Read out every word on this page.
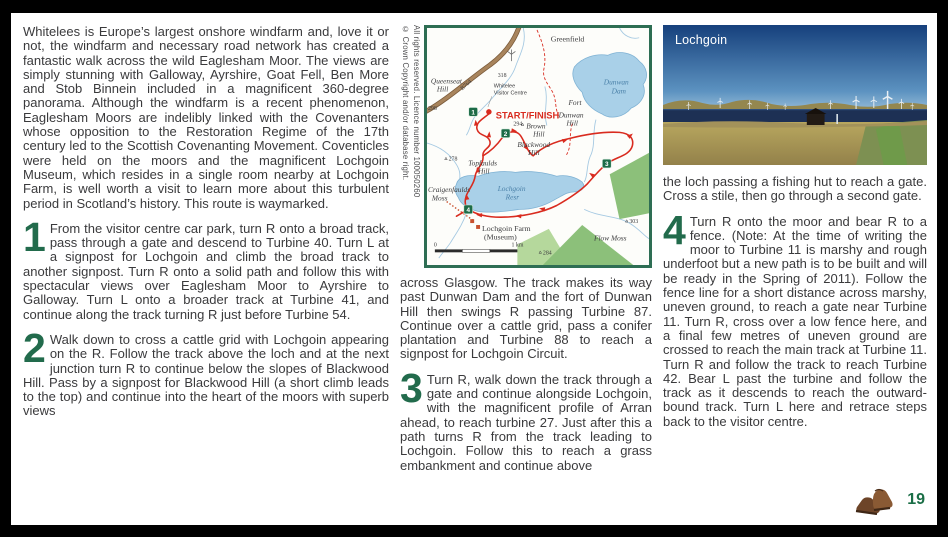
Whitelees is Europe’s largest onshore windfarm and, love it or not, the windfarm and necessary road network has created a fantastic walk across the wild Eaglesham Moor. The views are simply stunning with Galloway, Ayrshire, Goat Fell, Ben More and Stob Binnein included in a magnificent 360-degree panorama. Although the windfarm is a recent phenomenon, Eaglesham Moors are indelibly linked with the Covenanters whose opposition to the Restoration Regime of the 17th century led to the Scottish Covenanting Movement. Coventicles were held on the moors and the magnificent Lochgoin Museum, which resides in a single room nearby at Lochgoin Farm, is well worth a visit to learn more about this turbulent period in Scotland’s history. This route is waymarked.

1 From the visitor centre car park, turn R onto a broad track, pass through a gate and descend to Turbine 40. Turn L at a signpost for Lochgoin and climb the broad track to another signpost. Turn R onto a solid path and follow this with spectacular views over Eaglesham Moor to Ayrshire to Galloway. Turn L onto a broader track at Turbine 41, and continue along the track turning R just before Turbine 54.

2 Walk down to cross a cattle grid with Lochgoin appearing on the R. Follow the track above the loch and at the next junction turn R to continue below the slopes of Blackwood Hill. Pass by a signpost for Blackwood Hill (a short climb leads to the top) and continue into the heart of the moors with superb views

© Crown Copyright and/or database right. All rights reserved. Licence number 100050260	B764
Greenfield
Queenseat
Hill
298
318
Whitelee
Visitor Centre
START/FINISH
294 Brown
Hill
Dunwan
Dam
Fort
Dunwan
Hill
Blackwood
Hill
278 Topfaulds
Hill
Lochgoin
Resr
Craigenfaulds
Moss
Lochgoin Farm
(Museum)	Flow Moss
303
284
0	1 km
1
2
3
4

across Glasgow. The track makes its way past Dunwan Dam and the fort of Dunwan Hill then swings R passing Turbine 87. Continue over a cattle grid, pass a conifer plantation and Turbine 88 to reach a signpost for Lochgoin Circuit.

3 Turn R, walk down the track through a gate and continue alongside Lochgoin, with the magnificent profile of Arran ahead, to reach turbine 27. Just after this a path turns R from the track leading to Lochgoin. Follow this to reach a grass embankment and continue above

Lochgoin

the loch passing a fishing hut to reach a gate. Cross a stile, then go through a second gate.

4 Turn R onto the moor and bear R to a fence. (Note: At the time of writing the moor to Turbine 11 is marshy and rough underfoot but a new path is to be built and will be ready in the Spring of 2011). Follow the fence line for a short distance across marshy, uneven ground, to reach a gate near Turbine 11. Turn R, cross over a low fence here, and a final few metres of uneven ground are crossed to reach the main track at Turbine 11. Turn R and follow the track to reach Turbine 42. Bear L past the turbine and follow the track as it descends to reach the outward-bound track. Turn L here and retrace steps back to the visitor centre.

19
